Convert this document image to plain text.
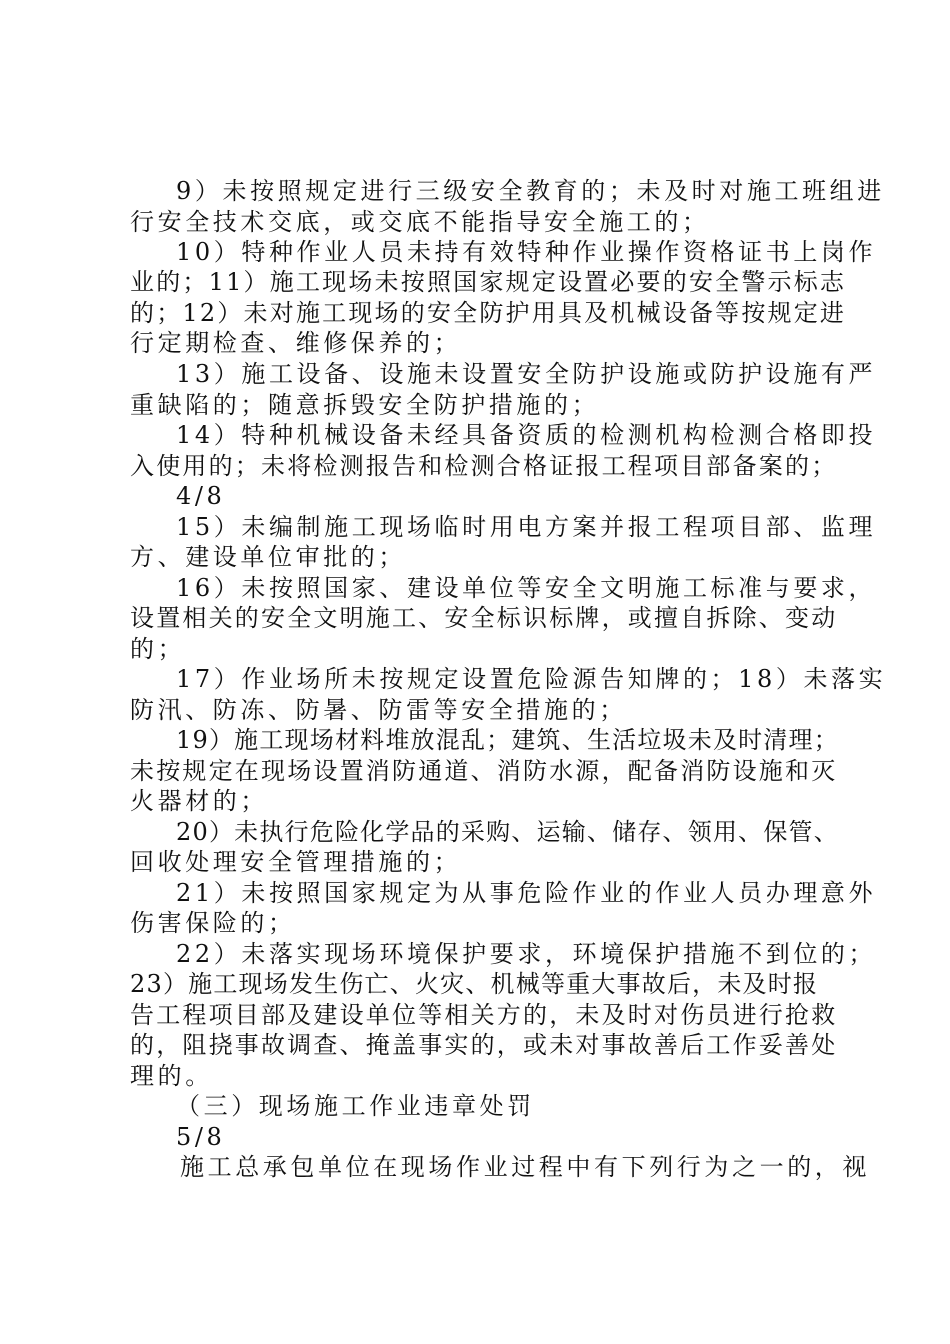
9）未按照规定进行三级安全教育的；未及时对施工班组进
行安全技术交底，或交底不能指导安全施工的；
10）特种作业人员未持有效特种作业操作资格证书上岗作
业的；11）施工现场未按照国家规定设置必要的安全警示标志
的；12）未对施工现场的安全防护用具及机械设备等按规定进
行定期检查、维修保养的；
13）施工设备、设施未设置安全防护设施或防护设施有严
重缺陷的；随意拆毁安全防护措施的；
14）特种机械设备未经具备资质的检测机构检测合格即投
入使用的；未将检测报告和检测合格证报工程项目部备案的；
4/8
15）未编制施工现场临时用电方案并报工程项目部、监理
方、建设单位审批的；
16）未按照国家、建设单位等安全文明施工标准与要求，
设置相关的安全文明施工、安全标识标牌，或擅自拆除、变动
的；
17）作业场所未按规定设置危险源告知牌的；18）未落实
防汛、防冻、防暑、防雷等安全措施的；
19）施工现场材料堆放混乱；建筑、生活垃圾未及时清理；
未按规定在现场设置消防通道、消防水源，配备消防设施和灭
火器材的；
20）未执行危险化学品的采购、运输、储存、领用、保管、
回收处理安全管理措施的；
21）未按照国家规定为从事危险作业的作业人员办理意外
伤害保险的；
22）未落实现场环境保护要求，环境保护措施不到位的；
23）施工现场发生伤亡、火灾、机械等重大事故后，未及时报
告工程项目部及建设单位等相关方的，未及时对伤员进行抢救
的，阻挠事故调查、掩盖事实的，或未对事故善后工作妥善处
理的。
（三）现场施工作业违章处罚
5/8
施工总承包单位在现场作业过程中有下列行为之一的，视
